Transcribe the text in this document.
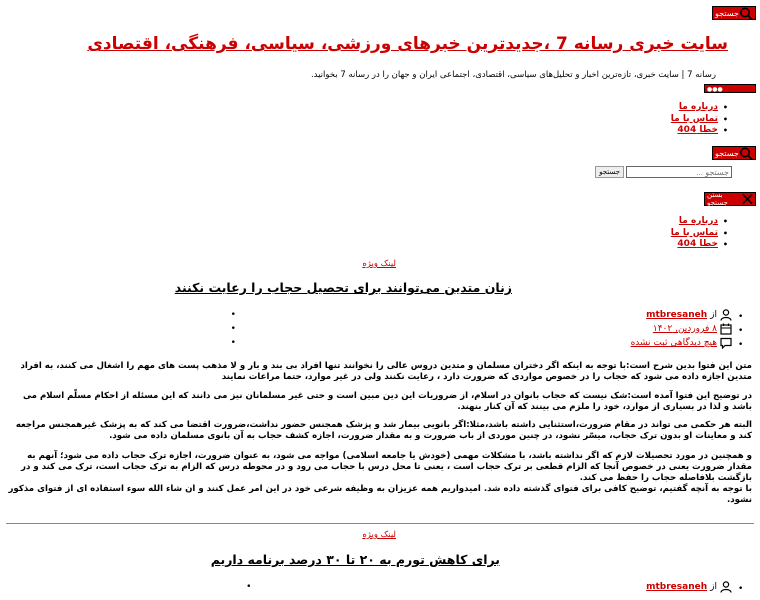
جستجو
سایت خبری رسانه 7 ،جدیدترین خبرهای ورزشی، سیاسی، فرهنگی، اقتصادی
رسانه 7 | سایت خبری، تازه‌ترین اخبار و تحلیل‌های سیاسی، اقتصادی، اجتماعی ایران و جهان را در رسانه 7 بخوانید.
●●●
• درباره ما
• تماس با ما
• خطا 404
جستجو
جستجو ...
جستجو
بستن جستجو
• درباره ما
• تماس با ما
• خطا 404
لینک ویژه
زنان متدین می‌توانند برای تحصیل حجاب را رعایت نکنند
از
mtbresaneh
•
۸ فروردین, ۱۴۰۲
•
هیچ دیدگاهی ثبت نشده
•
متن این فتوا بدین شرح است:با توجه به اینکه اگر دختران مسلمان و متدین دروس عالی را نخوانند تنها افراد بی بند و بار و لا مذهب پست های مهم را اشغال می کنند، به افراد متدین اجازه داده می شود که حجاب را در خصوص مواردی که ضرورت دارد ، رعایت نکنند ولی در غیر موارد، حتما مراعات نمایند
در توضیح این فتوا آمده است:شک نیست که حجاب بانوان در اسلام، از ضروریات این دین مبین است و حتی غیر مسلمانان نیز می دانند که این مسئله از احکام مسلّم اسلام می باشد و لذا در بسیاری از موارد، خود را ملزم می بینند که آن کنار بنهند.
البته هر حکمی می تواند در مقام ضرورت،استثنایی داشته باشد،مثلا:اگر بانویی بیمار شد و پزشک همجنس حضور نداشت،ضرورت اقتضا می کند که به پزشک غیرهمجنس مراجعه کند و معاینات او بدون ترک حجاب، میسّر نشود، در چنین موردی از باب ضرورت و به مقدار ضرورت، اجازه کشف حجاب به آن بانوی مسلمان داده می شود.
و همچنین در مورد تحصیلات لازم که اگر نداشته باشد، با مشکلات مهمی (خودش یا جامعه اسلامی) مواجه می شود، به عنوان ضرورت، اجازه ترک حجاب داده می شود؛ آنهم به مقدار ضرورت یعنی در خصوص آنجا که الزام قطعی بر ترک حجاب است ، یعنی تا محل درس با حجاب می رود و در محوطه درس که الزام به ترک حجاب است، ترک می کند و در بازگشت بلافاصله حجاب را حفظ می کند.
با توجه به آنچه گفتیم، توضیح کافی برای فتوای گذشته داده شد. امیدواریم همه عزیزان به وظیفه شرعی خود در این امر عمل کنند و ان شاء الله سوء استفاده ای از فتوای مذکور نشود.
لینک ویژه
برای کاهش تورم به ۲۰ تا ۳۰ درصد برنامه داریم
از
mtbresaneh
•
•
•
•
•
